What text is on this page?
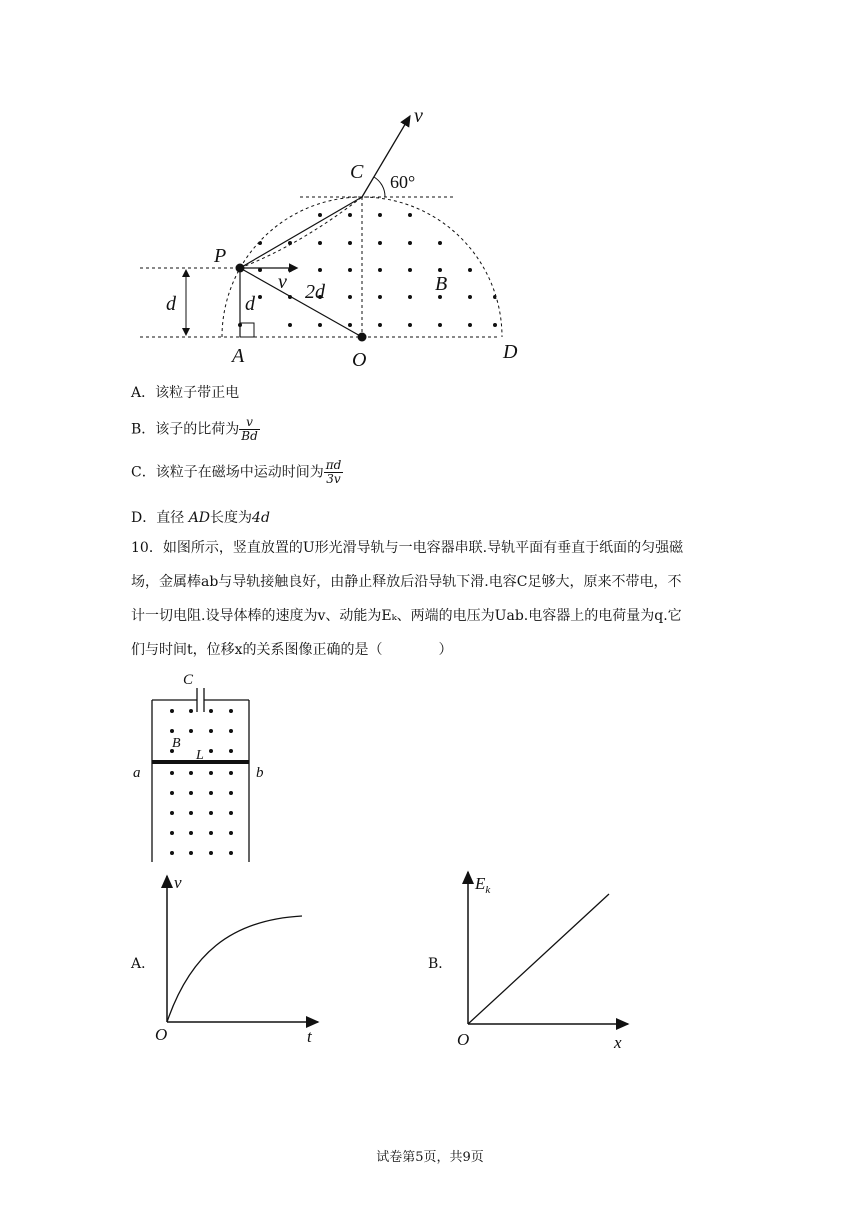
v
C 60°
P
v 2d	B
d	d
A	O	D
A．该粒子带正电
B．该子的比荷为 $\frac{v}{Bd}$
C．该粒子在磁场中运动时间为 $\frac{\pi d}{3v}$
D．直径 AD长度为4d
10．如图所示，竖直放置的U形光滑导轨与一电容器串联.导轨平面有垂直于纸面的匀强磁
场，金属棒ab与导轨接触良好，由静止释放后沿导轨下滑.电容C足够大，原来不带电，不
计一切电阻.设导体棒的速度为v、动能为Eₖ、两端的电压为Uab.电容器上的电荷量为q.它
们与时间t，位移x的关系图像正确的是（　　　　）
C
B
L
a	b
A．
v
t
O
B．
$E_k$
x
O
试卷第5页，共9页
